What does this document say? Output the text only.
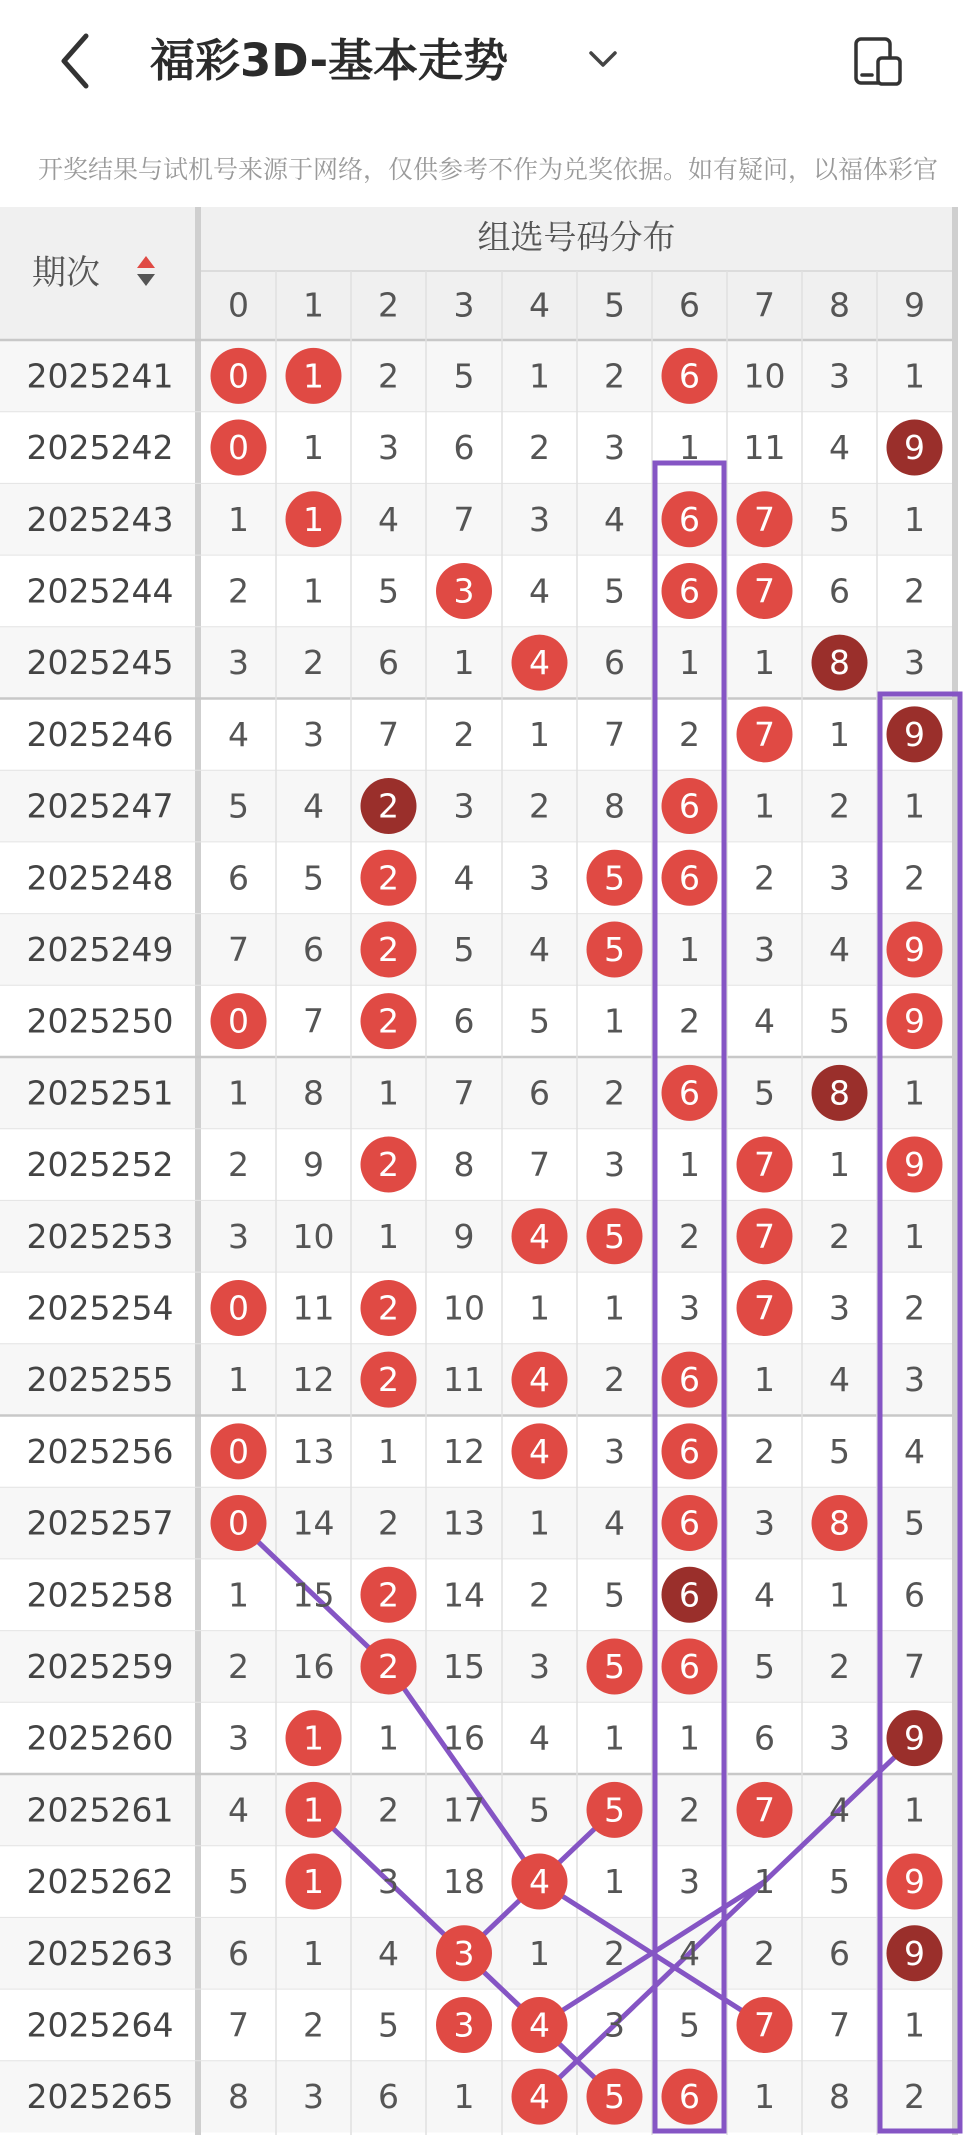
福彩3D-基本走势
开奖结果与试机号来源于网络，仅供参考不作为兑奖依据。如有疑问，以福体彩官
期次
组选号码分布
0 1 2 3 4 5 6 7 8 9
2025241 0 1 2 5 1 2 6 10 3 1
2025242 0 1 3 6 2 3 1 11 4 9
2025243 1 1 4 7 3 4 6 7 5 1
2025244 2 1 5 3 4 5 6 7 6 2
2025245 3 2 6 1 4 6 1 1 8 3
2025246 4 3 7 2 1 7 2 7 1 9
2025247 5 4 2 3 2 8 6 1 2 1
2025248 6 5 2 4 3 5 6 2 3 2
2025249 7 6 2 5 4 5 1 3 4 9
2025250 0 7 2 6 5 1 2 4 5 9
2025251 1 8 1 7 6 2 6 5 8 1
2025252 2 9 2 8 7 3 1 7 1 9
2025253 3 10 1 9 4 5 2 7 2 1
2025254 0 11 2 10 1 1 3 7 3 2
2025255 1 12 2 11 4 2 6 1 4 3
2025256 0 13 1 12 4 3 6 2 5 4
2025257 0 14 2 13 1 4 6 3 8 5
2025258 1 15 2 14 2 5 6 4 1 6
2025259 2 16 2 15 3 5 6 5 2 7
2025260 3 1 1 16 4 1 1 6 3 9
2025261 4 1 2 17 5 5 2 7 4 1
2025262 5 1 3 18 4 1 3 1 5 9
2025263 6 1 4 3 1 2 4 2 6 9
2025264 7 2 5 3 4 3 5 7 7 1
2025265 8 3 6 1 4 5 6 1 8 2
